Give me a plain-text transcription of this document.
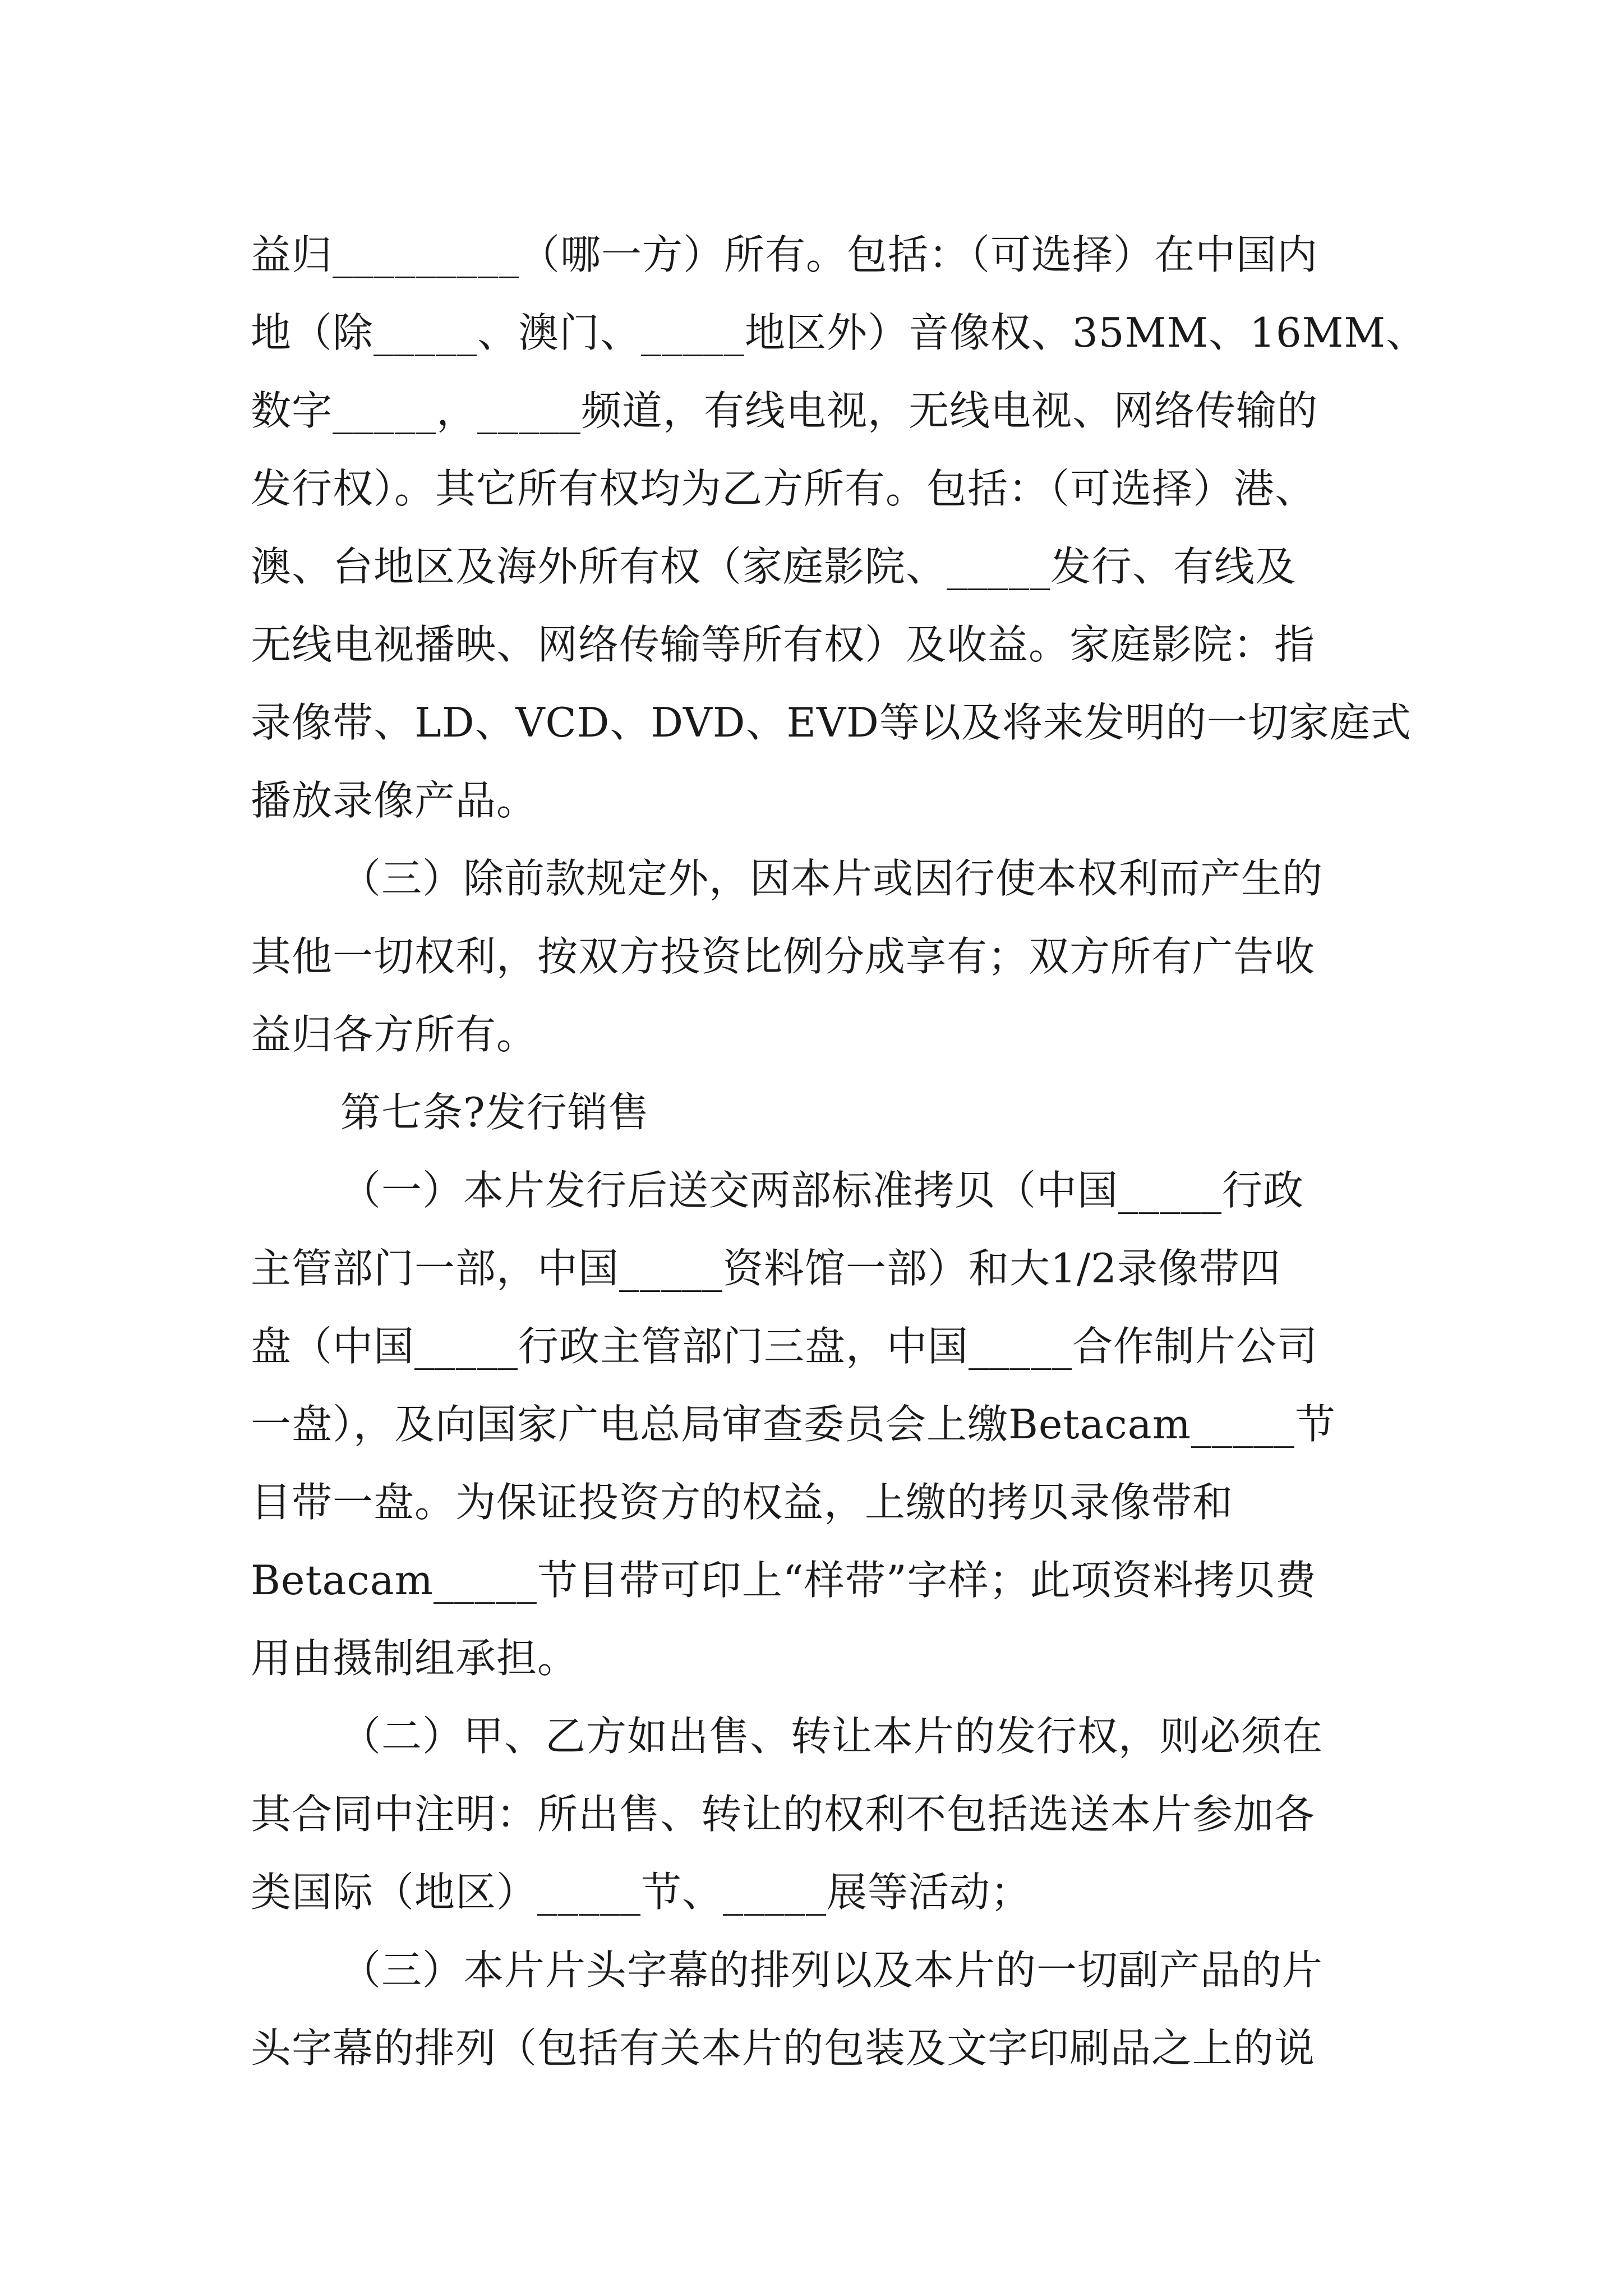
益归_________（哪一方）所有。包括：（可选择）在中国内
地（除_____、澳门、_____地区外）音像权、35MM、16MM、
数字_____，_____频道，有线电视，无线电视、网络传输的
发行权）。其它所有权均为乙方所有。包括：（可选择）港、
澳、台地区及海外所有权（家庭影院、_____发行、有线及
无线电视播映、网络传输等所有权）及收益。家庭影院：指
录像带、LD、VCD、DVD、EVD等以及将来发明的一切家庭式
播放录像产品。
（三）除前款规定外，因本片或因行使本权利而产生的
其他一切权利，按双方投资比例分成享有；双方所有广告收
益归各方所有。
第七条?发行销售
（一）本片发行后送交两部标准拷贝（中国_____行政
主管部门一部，中国_____资料馆一部）和大1/2录像带四
盘（中国_____行政主管部门三盘，中国_____合作制片公司
一盘），及向国家广电总局审查委员会上缴Betacam_____节
目带一盘。为保证投资方的权益，上缴的拷贝录像带和
Betacam_____节目带可印上“样带”字样；此项资料拷贝费
用由摄制组承担。
（二）甲、乙方如出售、转让本片的发行权，则必须在
其合同中注明：所出售、转让的权利不包括选送本片参加各
类国际（地区）_____节、_____展等活动；
（三）本片片头字幕的排列以及本片的一切副产品的片
头字幕的排列（包括有关本片的包装及文字印刷品之上的说
